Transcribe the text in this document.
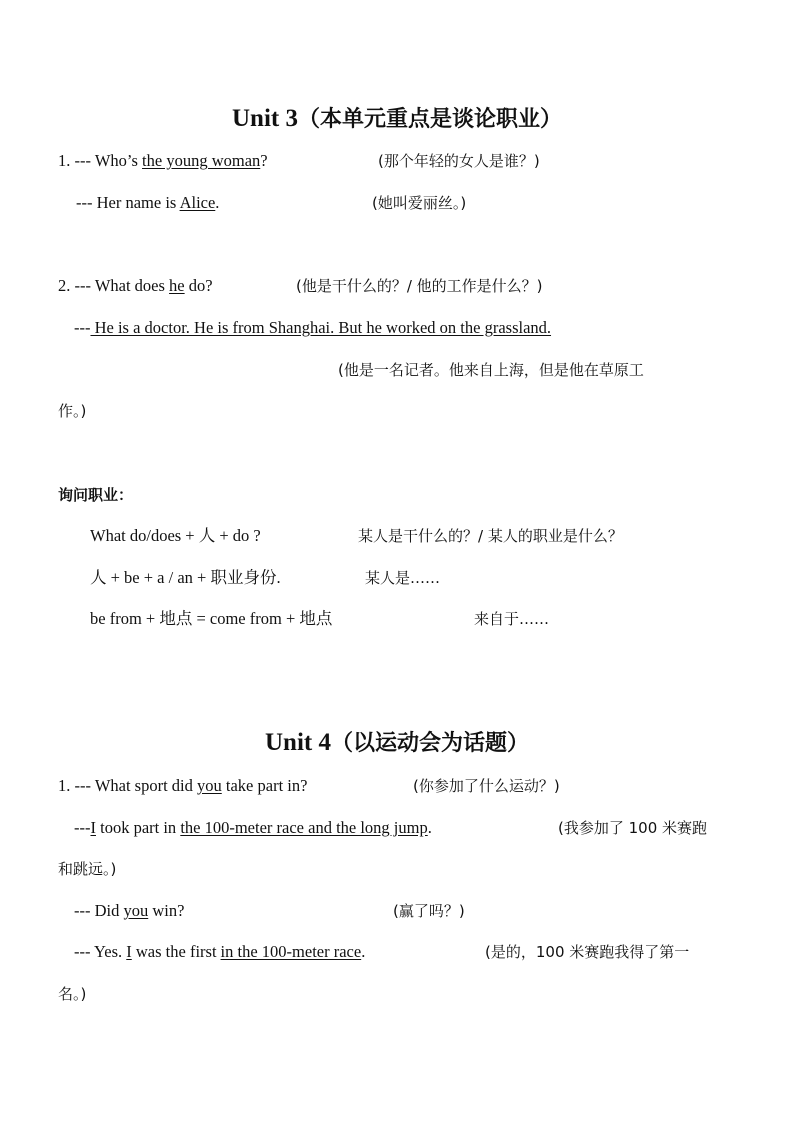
Unit 3（本单元重点是谈论职业）
1. --- Who’s the young woman?	(那个年轻的女人是谁？)
--- Her name is Alice.	(她叫爱丽丝。)
2. --- What does he do?	(他是干什么的？/ 他的工作是什么？)
--- He is a doctor. He is from Shanghai. But he worked on the grassland.
(他是一名记者。他来自上海，但是他在草原工
作。)
询问职业：
What do/does + 人 + do ?	某人是干什么的？/ 某人的职业是什么？
人 + be + a / an + 职业身份.	某人是……
be from + 地点 = come from + 地点	来自于……
Unit 4（以运动会为话题）
1. --- What sport did you take part in?	(你参加了什么运动？)
---I took part in the 100-meter race and the long jump.	(我参加了 100 米赛跑
和跳远。)
--- Did you win?	(赢了吗？)
--- Yes. I was the first in the 100-meter race.	(是的，100 米赛跑我得了第一
名。)
